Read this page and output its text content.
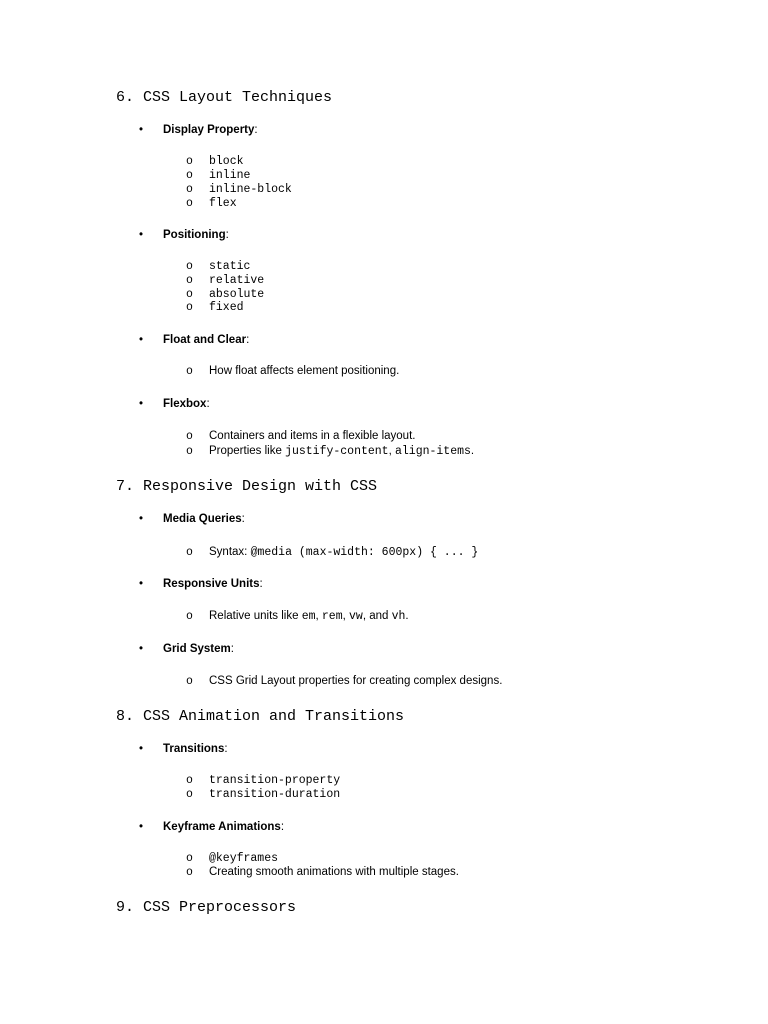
6. CSS Layout Techniques
• Display Property:
o block
o inline
o inline-block
o flex
• Positioning:
o static
o relative
o absolute
o fixed
• Float and Clear:
o How float affects element positioning.
• Flexbox:
o Containers and items in a flexible layout.
o Properties like justify-content, align-items.
7. Responsive Design with CSS
• Media Queries:
o Syntax: @media (max-width: 600px) { ... }
• Responsive Units:
o Relative units like em, rem, vw, and vh.
• Grid System:
o CSS Grid Layout properties for creating complex designs.
8. CSS Animation and Transitions
• Transitions:
o transition-property
o transition-duration
• Keyframe Animations:
o @keyframes
o Creating smooth animations with multiple stages.
9. CSS Preprocessors
